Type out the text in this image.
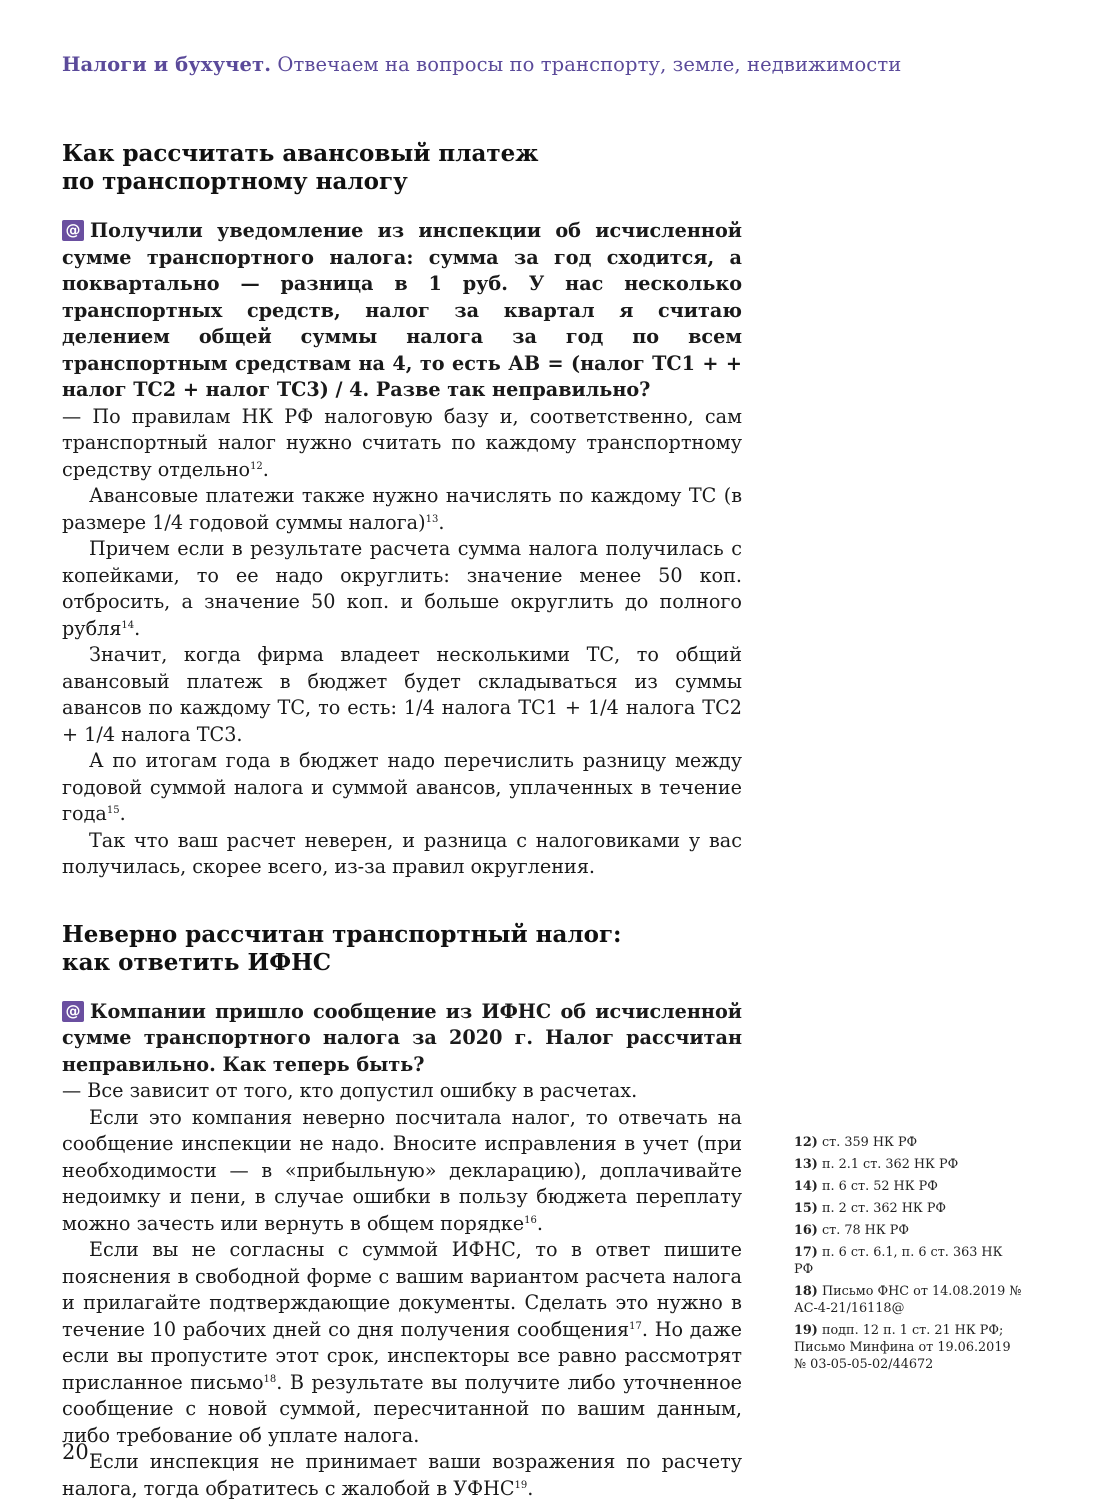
Налоги и бухучет. Отвечаем на вопросы по транспорту, земле, недвижимости
Как рассчитать авансовый платеж
по транспортному налогу

@ Получили уведомление из инспекции об исчисленной сумме транспортного налога: сумма за год сходится, а поквартально — разница в 1 руб. У нас несколько транспортных средств, налог за квартал я считаю делением общей суммы налога за год по всем транспортным средствам на 4, то есть АВ = (налог ТС1 + + налог ТС2 + налог ТС3) / 4. Разве так неправильно?

— По правилам НК РФ налоговую базу и, соответственно, сам транспортный налог нужно считать по каждому транспортному средству отдельно$^{12}$.

Авансовые платежи также нужно начислять по каждому ТС (в размере 1/4 годовой суммы налога)$^{13}$.

Причем если в результате расчета сумма налога получилась с копейками, то ее надо округлить: значение менее 50 коп. отбросить, а значение 50 коп. и больше округлить до полного рубля$^{14}$.

Значит, когда фирма владеет несколькими ТС, то общий авансовый платеж в бюджет будет складываться из суммы авансов по каждому ТС, то есть: 1/4 налога ТС1 + 1/4 налога ТС2 + 1/4 налога ТС3.

А по итогам года в бюджет надо перечислить разницу между годовой суммой налога и суммой авансов, уплаченных в течение года$^{15}$.

Так что ваш расчет неверен, и разница с налоговиками у вас получилась, скорее всего, из-за правил округления.

Неверно рассчитан транспортный налог:
как ответить ИФНС

@ Компании пришло сообщение из ИФНС об исчисленной сумме транспортного налога за 2020 г. Налог рассчитан неправильно. Как теперь быть?

— Все зависит от того, кто допустил ошибку в расчетах.

Если это компания неверно посчитала налог, то отвечать на сообщение инспекции не надо. Вносите исправления в учет (при необходимости — в «прибыльную» декларацию), доплачивайте недоимку и пени, в случае ошибки в пользу бюджета переплату можно зачесть или вернуть в общем порядке$^{16}$.

Если вы не согласны с суммой ИФНС, то в ответ пишите пояснения в свободной форме с вашим вариантом расчета налога и прилагайте подтверждающие документы. Сделать это нужно в течение 10 рабочих дней со дня получения сообщения$^{17}$. Но даже если вы пропустите этот срок, инспекторы все равно рассмотрят присланное письмо$^{18}$. В результате вы получите либо уточненное сообщение с новой суммой, пересчитанной по вашим данным, либо требование об уплате налога.

Если инспекция не принимает ваши возражения по расчету налога, тогда обратитесь с жалобой в УФНС$^{19}$.

12) ст. 359 НК РФ
13) п. 2.1 ст. 362 НК РФ
14) п. 6 ст. 52 НК РФ
15) п. 2 ст. 362 НК РФ
16) ст. 78 НК РФ
17) п. 6 ст. 6.1, п. 6 ст. 363 НК РФ
18) Письмо ФНС от 14.08.2019 № АС-4-21/16118@
19) подп. 12 п. 1 ст. 21 НК РФ; Письмо Минфина от 19.06.2019 № 03-05-05-02/44672
20
